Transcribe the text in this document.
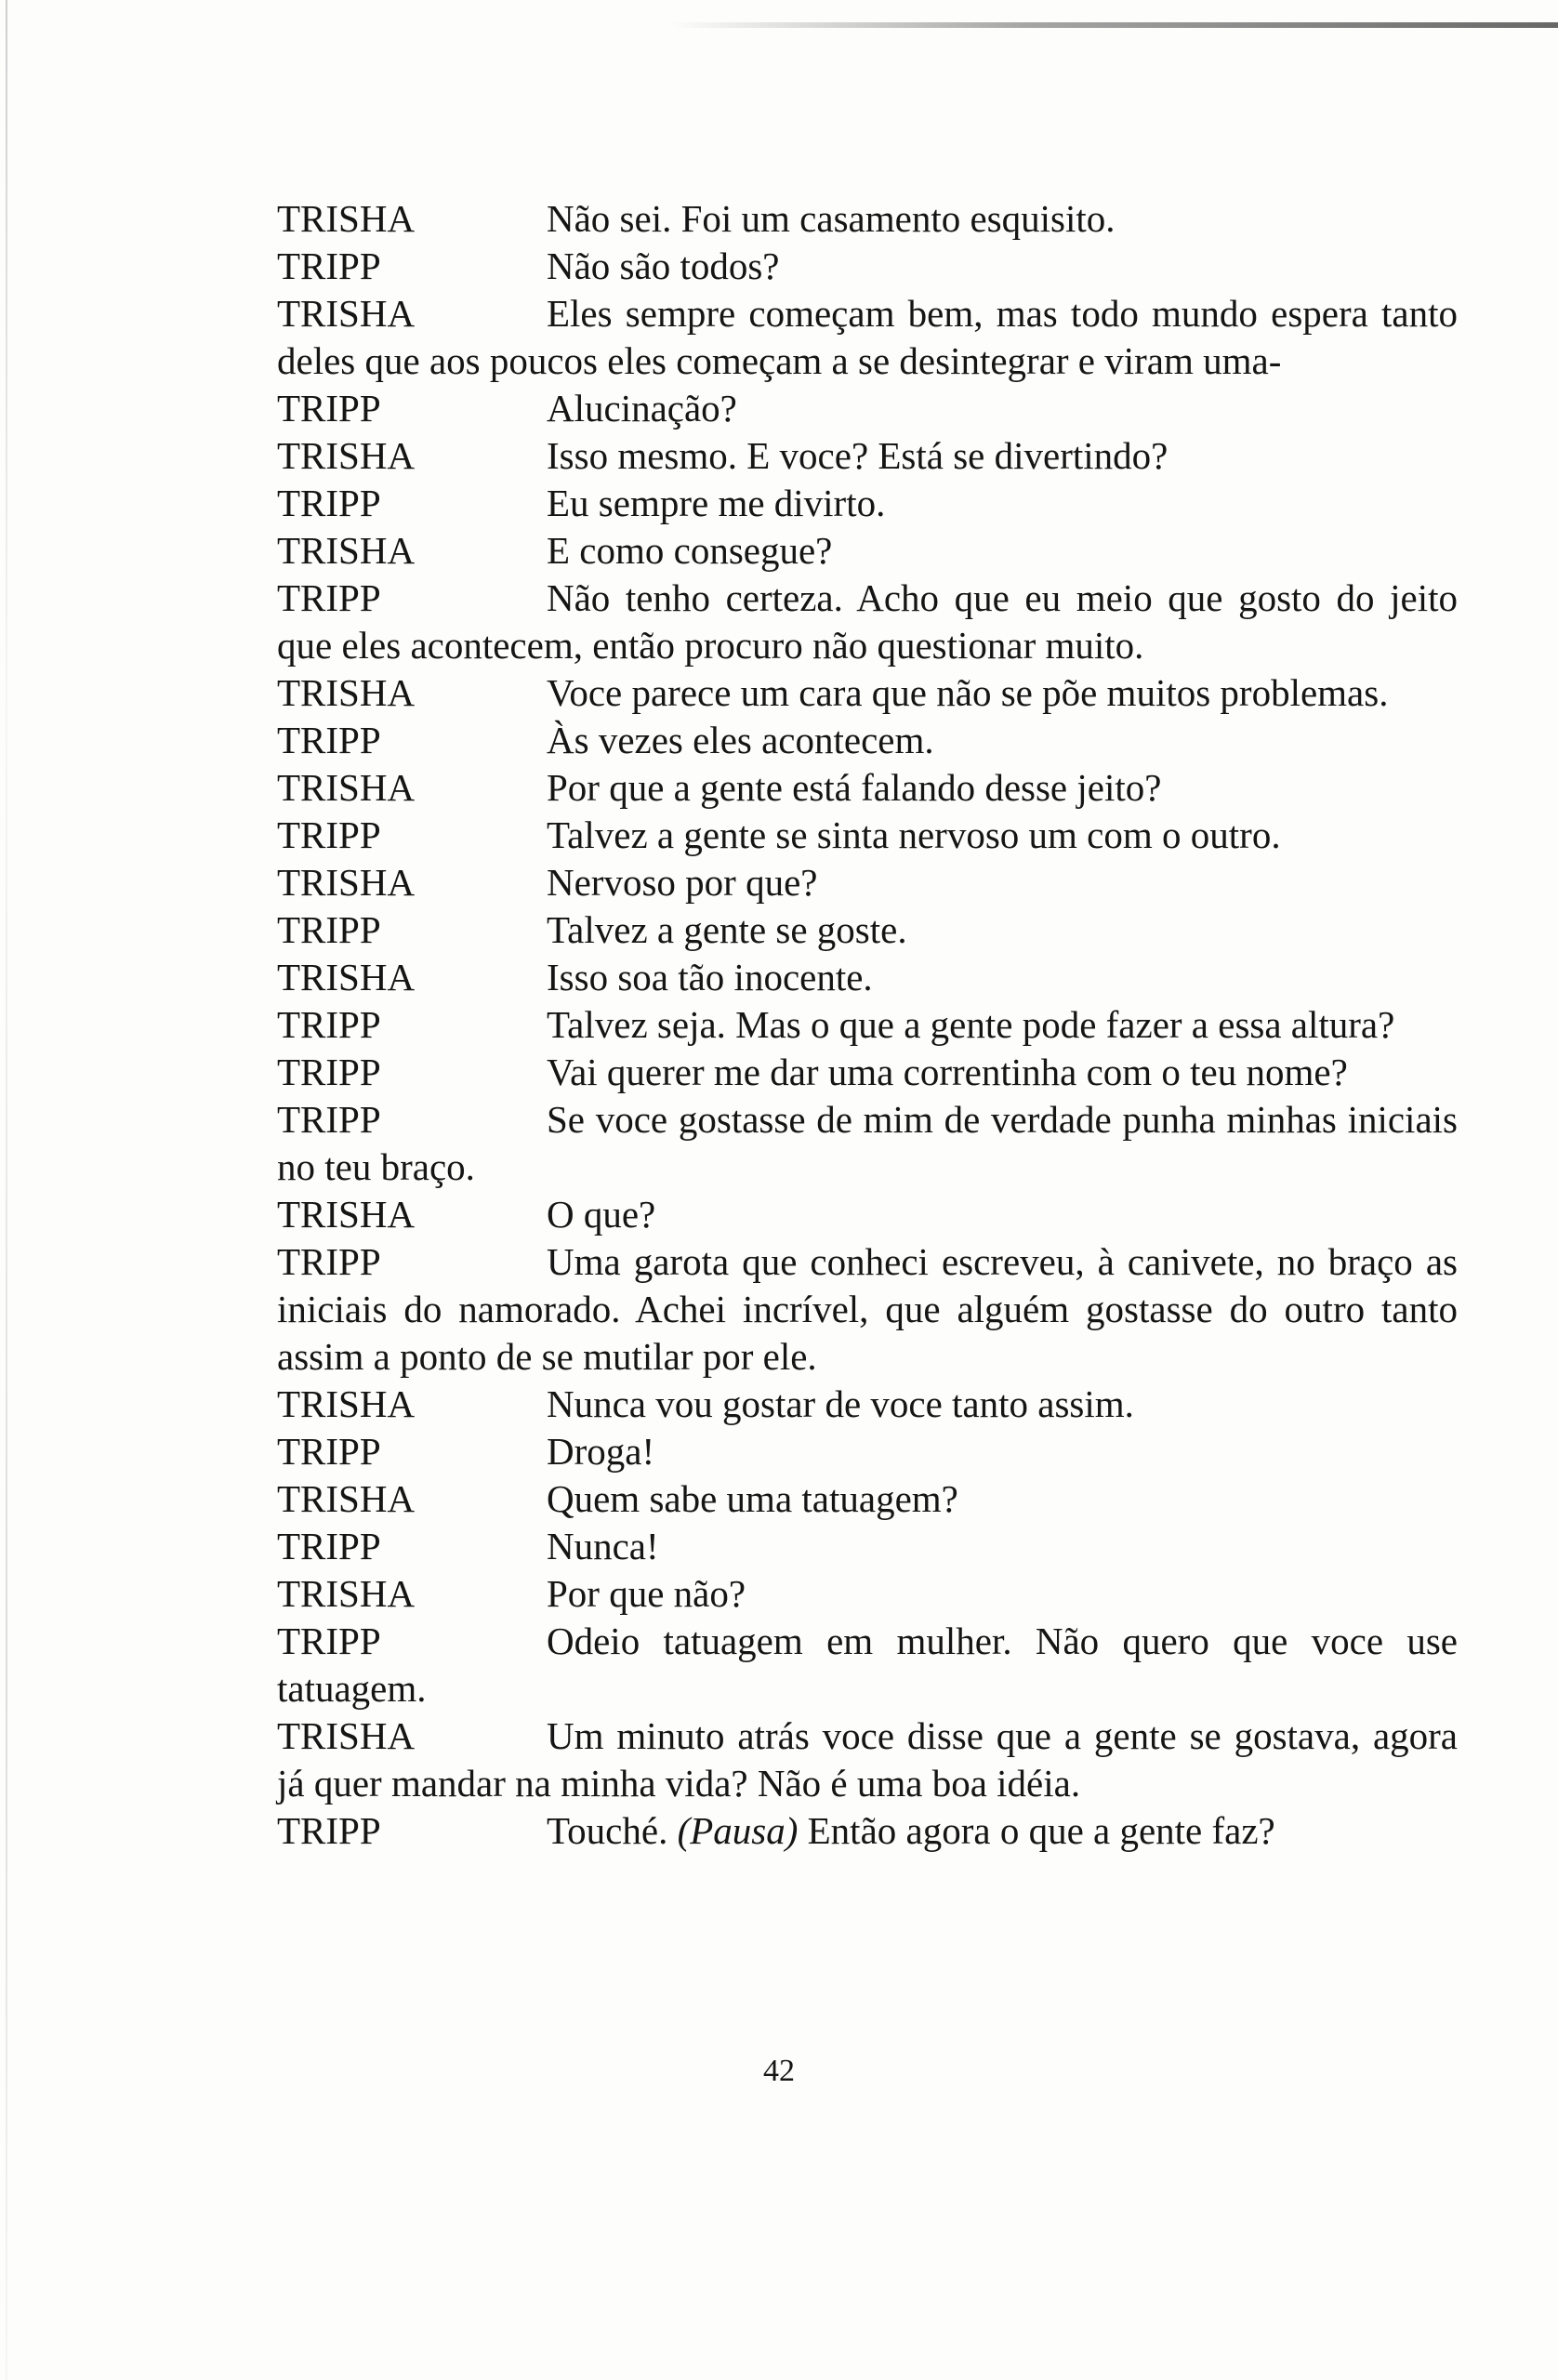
TRISHA	Não sei. Foi um casamento esquisito.

TRIPP	Não são todos?

TRISHA	Eles sempre começam bem, mas todo mundo espera tanto deles que aos poucos eles começam a se desintegrar e viram uma-

TRIPP	Alucinação?

TRISHA	Isso mesmo. E voce? Está se divertindo?

TRIPP	Eu sempre me divirto.

TRISHA	E como consegue?

TRIPP	Não tenho certeza. Acho que eu meio que gosto do jeito que eles acontecem, então procuro não questionar muito.

TRISHA	Voce parece um cara que não se põe muitos problemas.

TRIPP	Às vezes eles acontecem.

TRISHA	Por que a gente está falando desse jeito?

TRIPP	Talvez a gente se sinta nervoso um com o outro.

TRISHA	Nervoso por que?

TRIPP	Talvez a gente se goste.

TRISHA	Isso soa tão inocente.

TRIPP	Talvez seja. Mas o que a gente pode fazer a essa altura?

TRIPP	Vai querer me dar uma correntinha com o teu nome?

TRIPP	Se voce gostasse de mim de verdade punha minhas iniciais no teu braço.

TRISHA	O que?

TRIPP	Uma garota que conheci escreveu, à canivete, no braço as iniciais do namorado. Achei incrível, que alguém gostasse do outro tanto assim a ponto de se mutilar por ele.

TRISHA	Nunca vou gostar de voce tanto assim.

TRIPP	Droga!

TRISHA	Quem sabe uma tatuagem?

TRIPP	Nunca!

TRISHA	Por que não?

TRIPP	Odeio tatuagem em mulher. Não quero que voce use tatuagem.

TRISHA	Um minuto atrás voce disse que a gente se gostava, agora já quer mandar na minha vida? Não é uma boa idéia.

TRIPP	Touché. (Pausa) Então agora o que a gente faz?

42
